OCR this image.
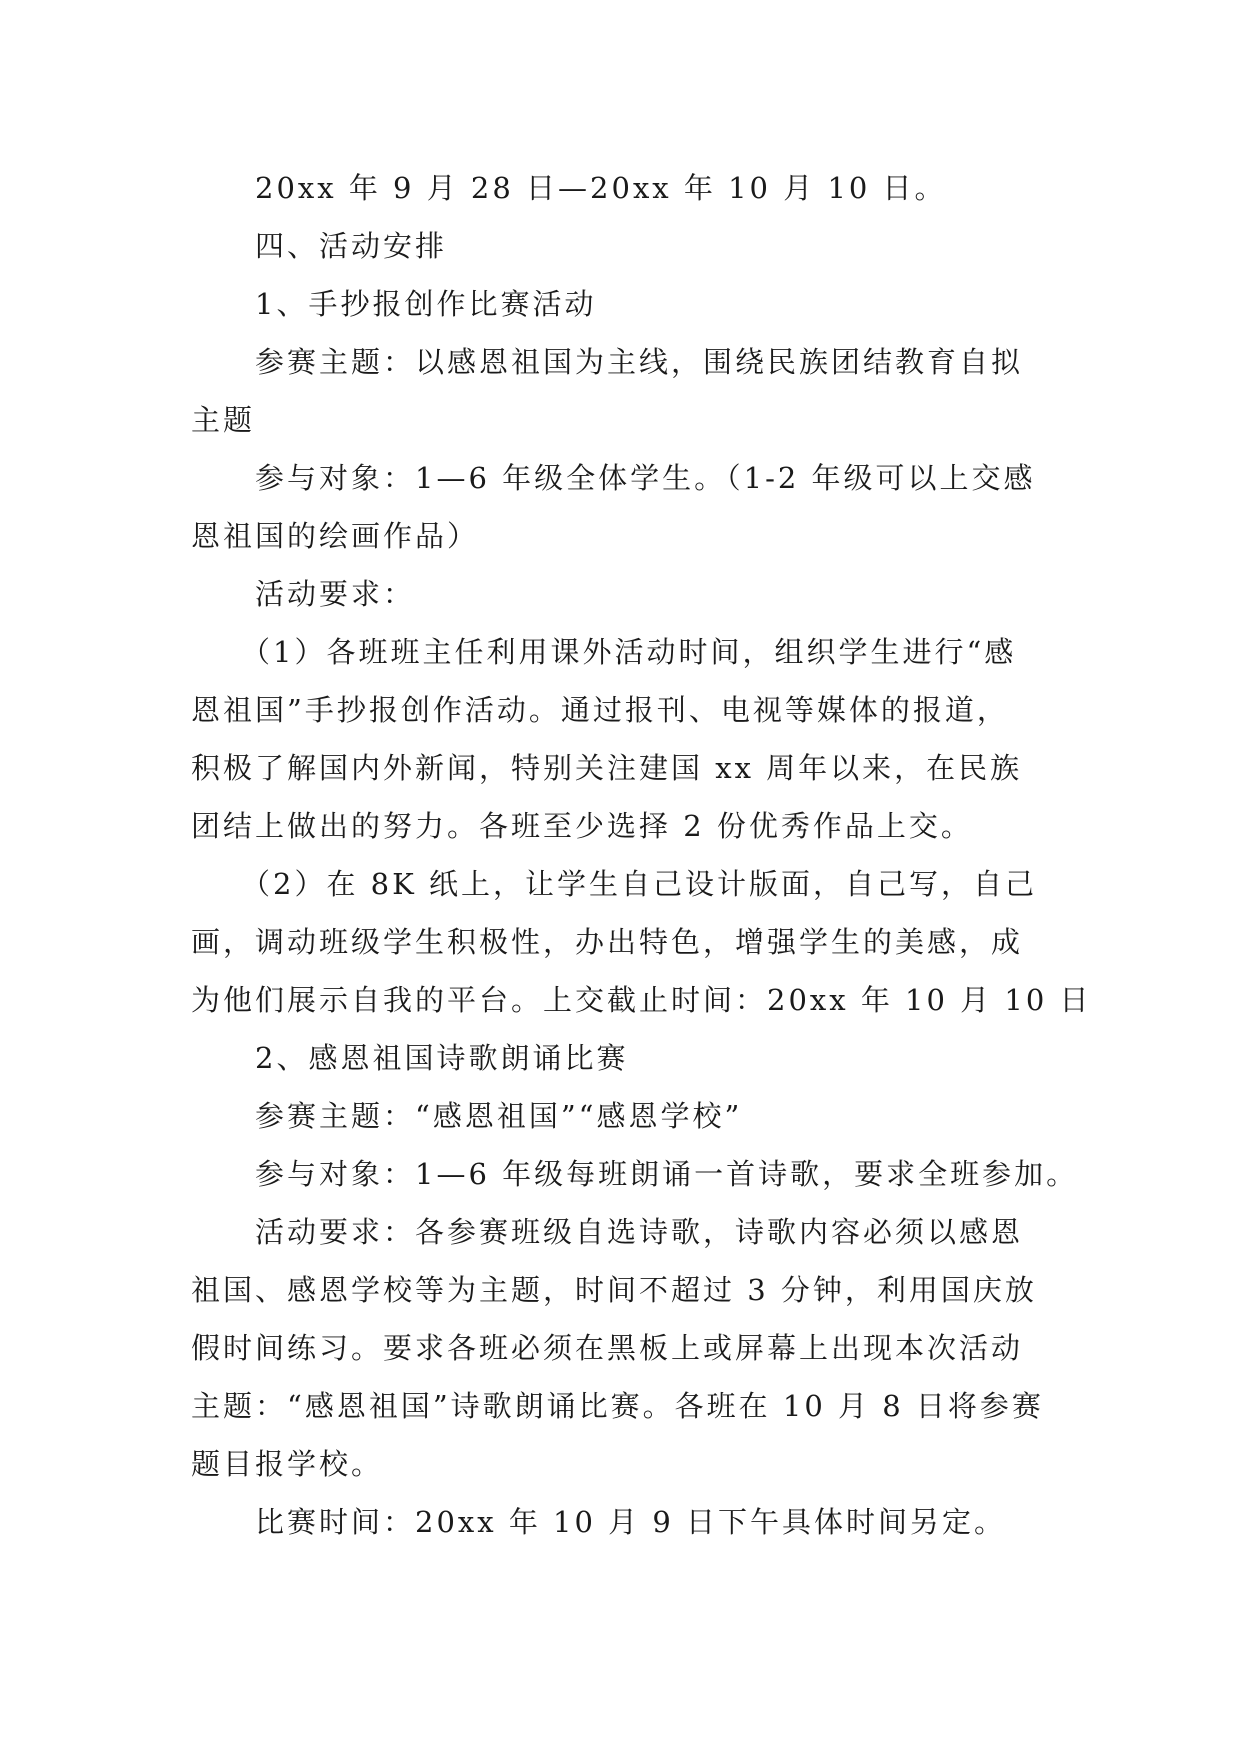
20xx 年 9 月 28 日—20xx 年 10 月 10 日。
四、活动安排
1、手抄报创作比赛活动
参赛主题：以感恩祖国为主线，围绕民族团结教育自拟
主题
参与对象：1—6 年级全体学生。（1-2 年级可以上交感
恩祖国的绘画作品）
活动要求：
（1）各班班主任利用课外活动时间，组织学生进行“感
恩祖国”手抄报创作活动。通过报刊、电视等媒体的报道，
积极了解国内外新闻，特别关注建国 xx 周年以来，在民族
团结上做出的努力。各班至少选择 2 份优秀作品上交。
（2）在 8K 纸上，让学生自己设计版面，自己写，自己
画，调动班级学生积极性，办出特色，增强学生的美感，成
为他们展示自我的平台。上交截止时间：20xx 年 10 月 10 日
2、感恩祖国诗歌朗诵比赛
参赛主题：“感恩祖国”“感恩学校”
参与对象：1—6 年级每班朗诵一首诗歌，要求全班参加。
活动要求：各参赛班级自选诗歌，诗歌内容必须以感恩
祖国、感恩学校等为主题，时间不超过 3 分钟，利用国庆放
假时间练习。要求各班必须在黑板上或屏幕上出现本次活动
主题：“感恩祖国”诗歌朗诵比赛。各班在 10 月 8 日将参赛
题目报学校。
比赛时间：20xx 年 10 月 9 日下午具体时间另定。
